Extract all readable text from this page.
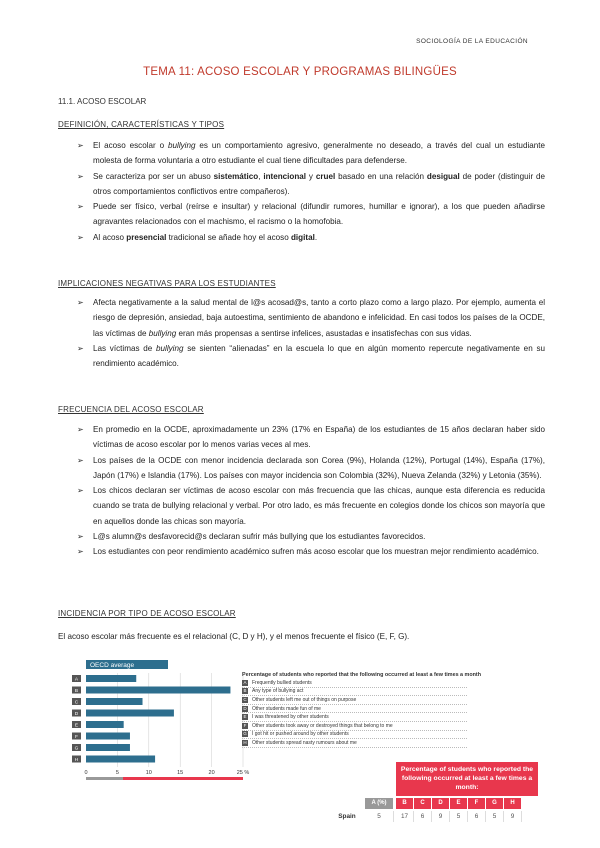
SOCIOLOGÍA DE LA EDUCACIÓN
TEMA 11: ACOSO ESCOLAR Y PROGRAMAS BILINGÜES
11.1. ACOSO ESCOLAR
DEFINICIÓN, CARACTERÍSTICAS Y TIPOS
➢ El acoso escolar o bullying es un comportamiento agresivo, generalmente no deseado, a través del cual un estudiante molesta de forma voluntaria a otro estudiante el cual tiene dificultades para defenderse.
➢ Se caracteriza por ser un abuso sistemático, intencional y cruel basado en una relación desigual de poder (distinguir de otros comportamientos conflictivos entre compañeros).
➢ Puede ser físico, verbal (reírse e insultar) y relacional (difundir rumores, humillar e ignorar), a los que pueden añadirse agravantes relacionados con el machismo, el racismo o la homofobia.
➢ Al acoso presencial tradicional se añade hoy el acoso digital.
IMPLICACIONES NEGATIVAS PARA LOS ESTUDIANTES
➢ Afecta negativamente a la salud mental de l@s acosad@s, tanto a corto plazo como a largo plazo. Por ejemplo, aumenta el riesgo de depresión, ansiedad, baja autoestima, sentimiento de abandono e infelicidad. En casi todos los países de la OCDE, las víctimas de bullying eran más propensas a sentirse infelices, asustadas e insatisfechas con sus vidas.
➢ Las víctimas de bullying se sienten “alienadas” en la escuela lo que en algún momento repercute negativamente en su rendimiento académico.
FRECUENCIA DEL ACOSO ESCOLAR
➢ En promedio en la OCDE, aproximadamente un 23% (17% en España) de los estudiantes de 15 años declaran haber sido víctimas de acoso escolar por lo menos varias veces al mes.
➢ Los países de la OCDE con menor incidencia declarada son Corea (9%), Holanda (12%), Portugal (14%), España (17%), Japón (17%) e Islandia (17%). Los países con mayor incidencia son Colombia (32%), Nueva Zelanda (32%) y Letonia (35%).
➢ Los chicos declaran ser víctimas de acoso escolar con más frecuencia que las chicas, aunque esta diferencia es reducida cuando se trata de bullying relacional y verbal. Por otro lado, es más frecuente en colegios donde los chicos son mayoría que en aquellos donde las chicas son mayoría.
➢ L@s alumn@s desfavorecid@s declaran sufrir más bullying que los estudiantes favorecidos.
➢ Los estudiantes con peor rendimiento académico sufren más acoso escolar que los muestran mejor rendimiento académico.
INCIDENCIA POR TIPO DE ACOSO ESCOLAR
El acoso escolar más frecuente es el relacional (C, D y H), y el menos frecuente el físico (E, F, G).
OECD average
A
B
C
D
E
F
G
H
0	5	10	15	20	25 %
Percentage of students who reported that the following occurred at least a few times a month
A	Frequently bullied students
B	Any type of bullying act
C Other students left me out of things on purpose
D Other students made fun of me
E	I was threatened by other students
F	Other students took away or destroyed things that belong to me
G I got hit or pushed around by other students
H Other students spread nasty rumours about me
Percentage of students who reported the following occurred at least a few times a month:
A (%)	B	C	D	E	F	G	H
Spain	5	17	6	9	5	6	5	9
